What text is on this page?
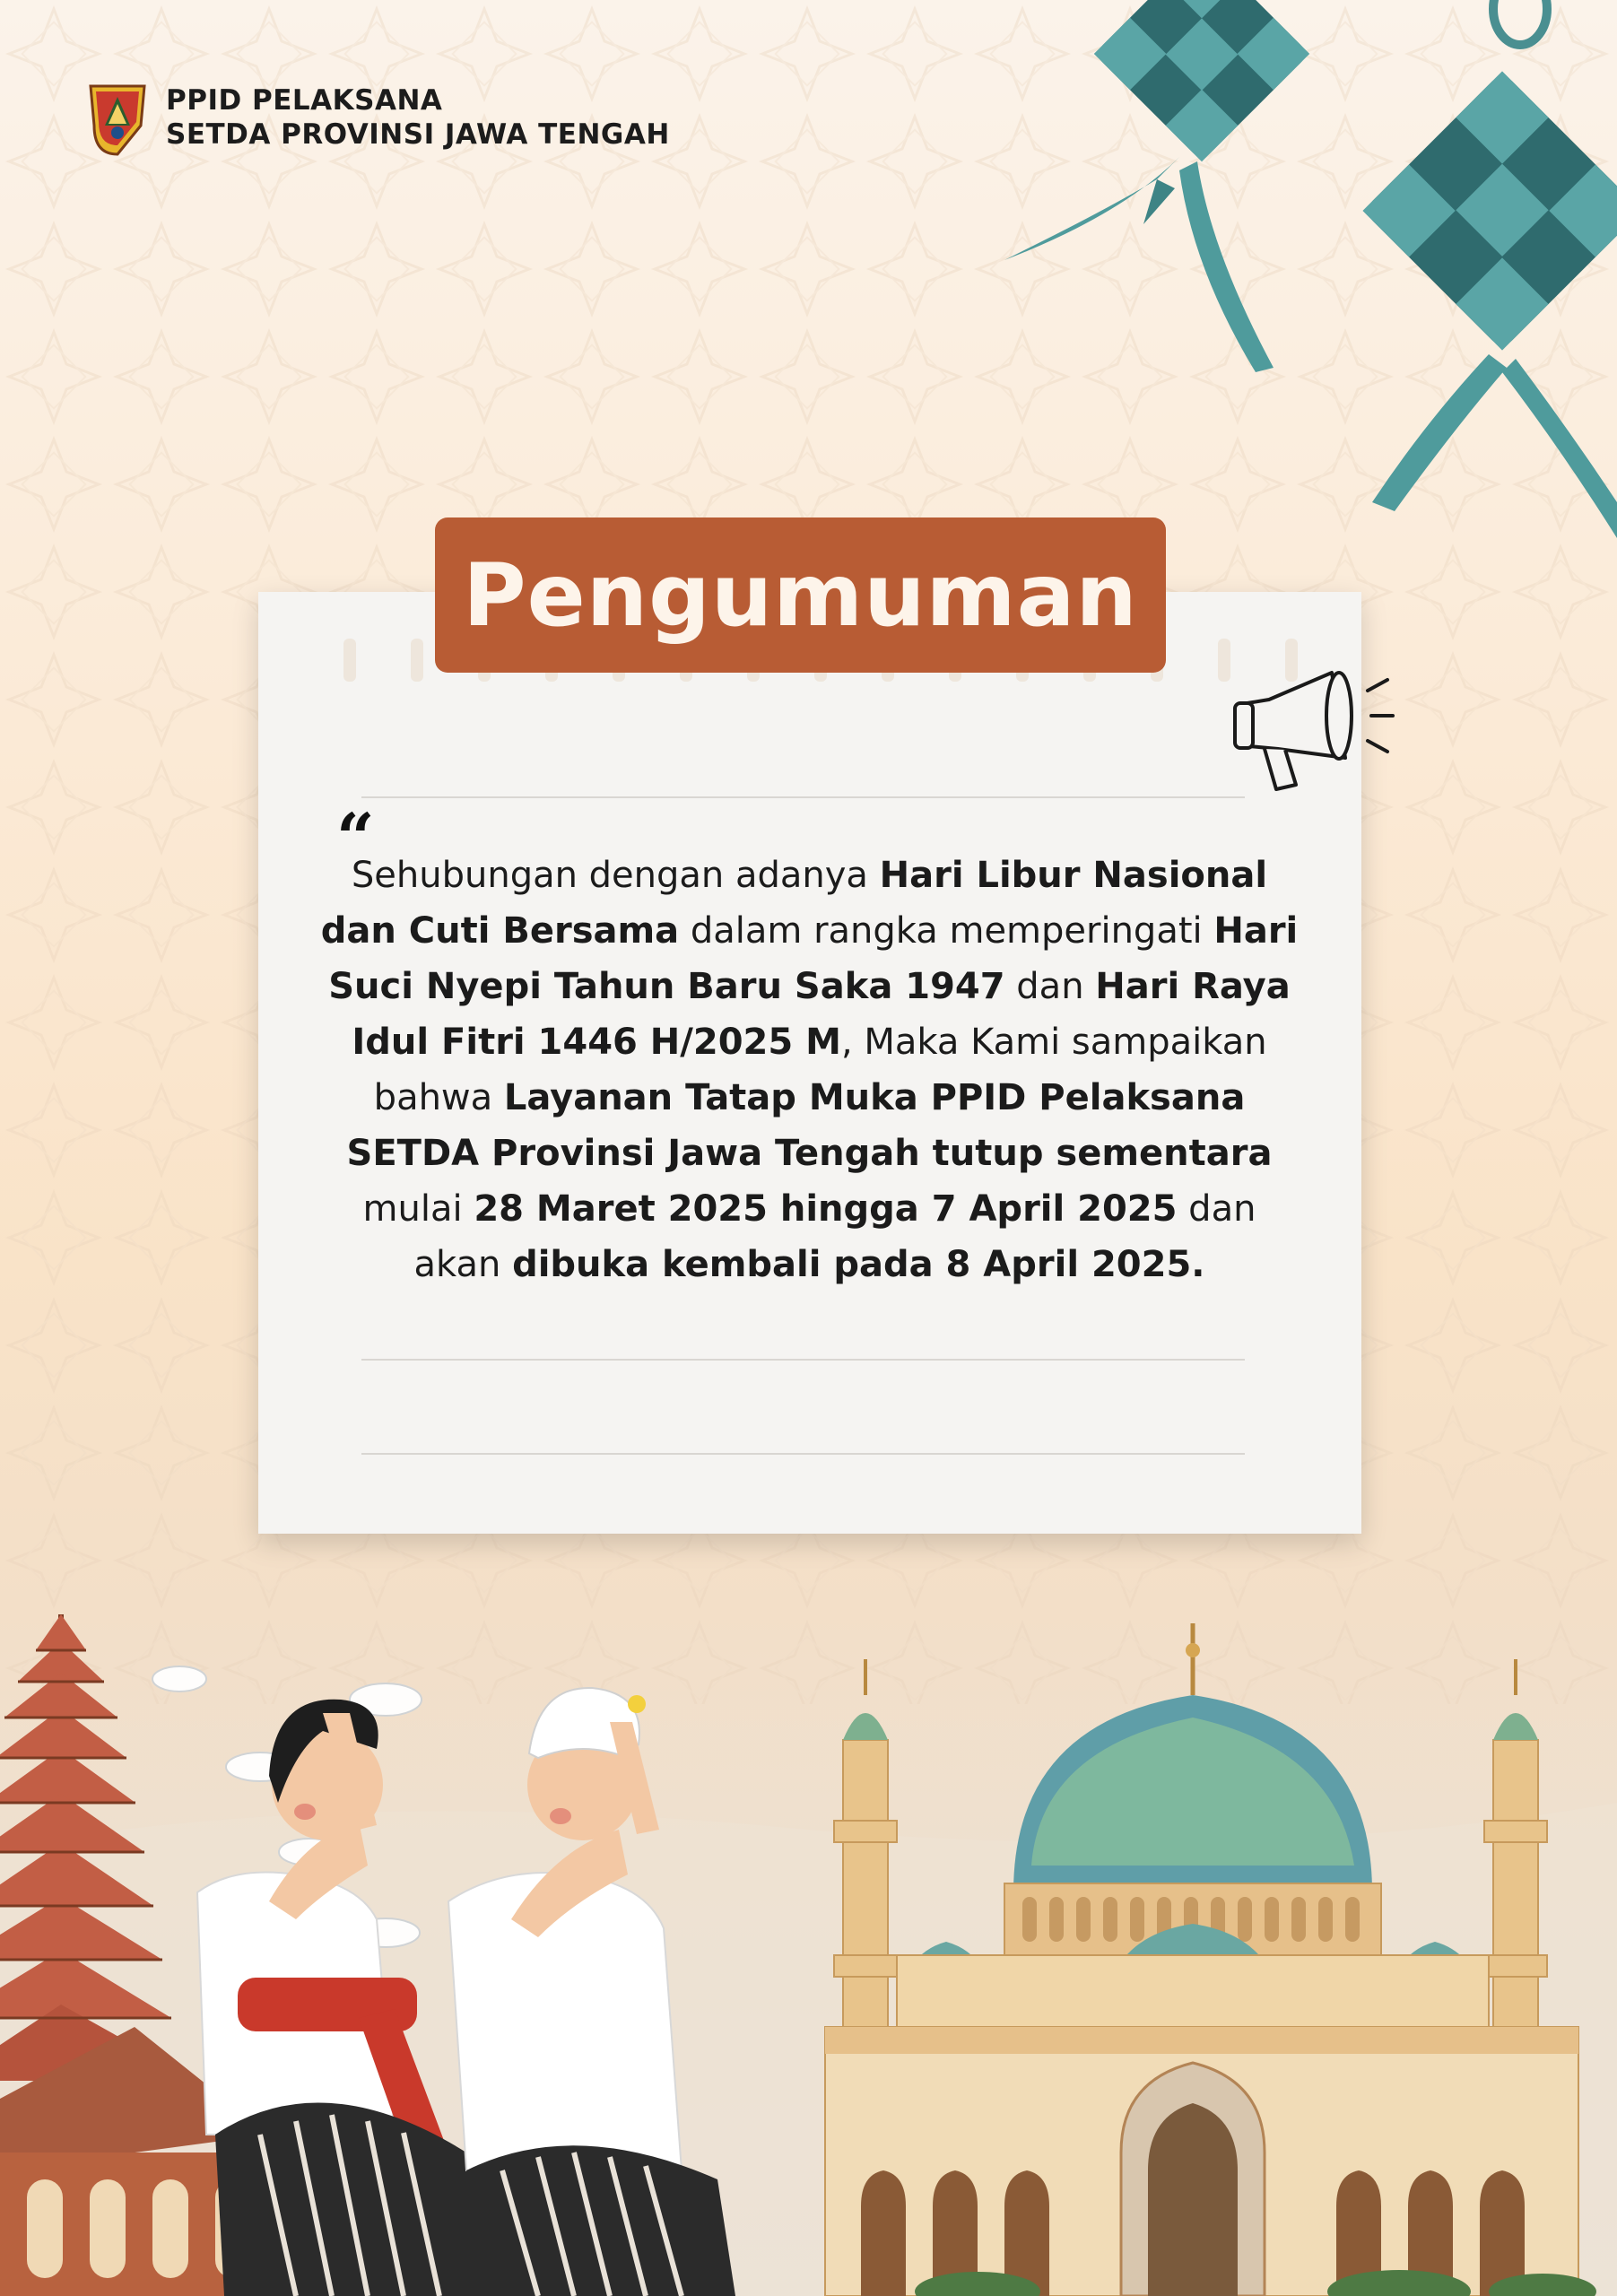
PPID PELAKSANA
SETDA PROVINSI JAWA TENGAH
Pengumuman
“
Sehubungan dengan adanya Hari Libur Nasional dan Cuti Bersama dalam rangka memperingati Hari Suci Nyepi Tahun Baru Saka 1947 dan Hari Raya Idul Fitri 1446 H/2025 M, Maka Kami sampaikan bahwa Layanan Tatap Muka PPID Pelaksana SETDA Provinsi Jawa Tengah tutup sementara mulai 28 Maret 2025 hingga 7 April 2025 dan akan dibuka kembali pada 8 April 2025.
